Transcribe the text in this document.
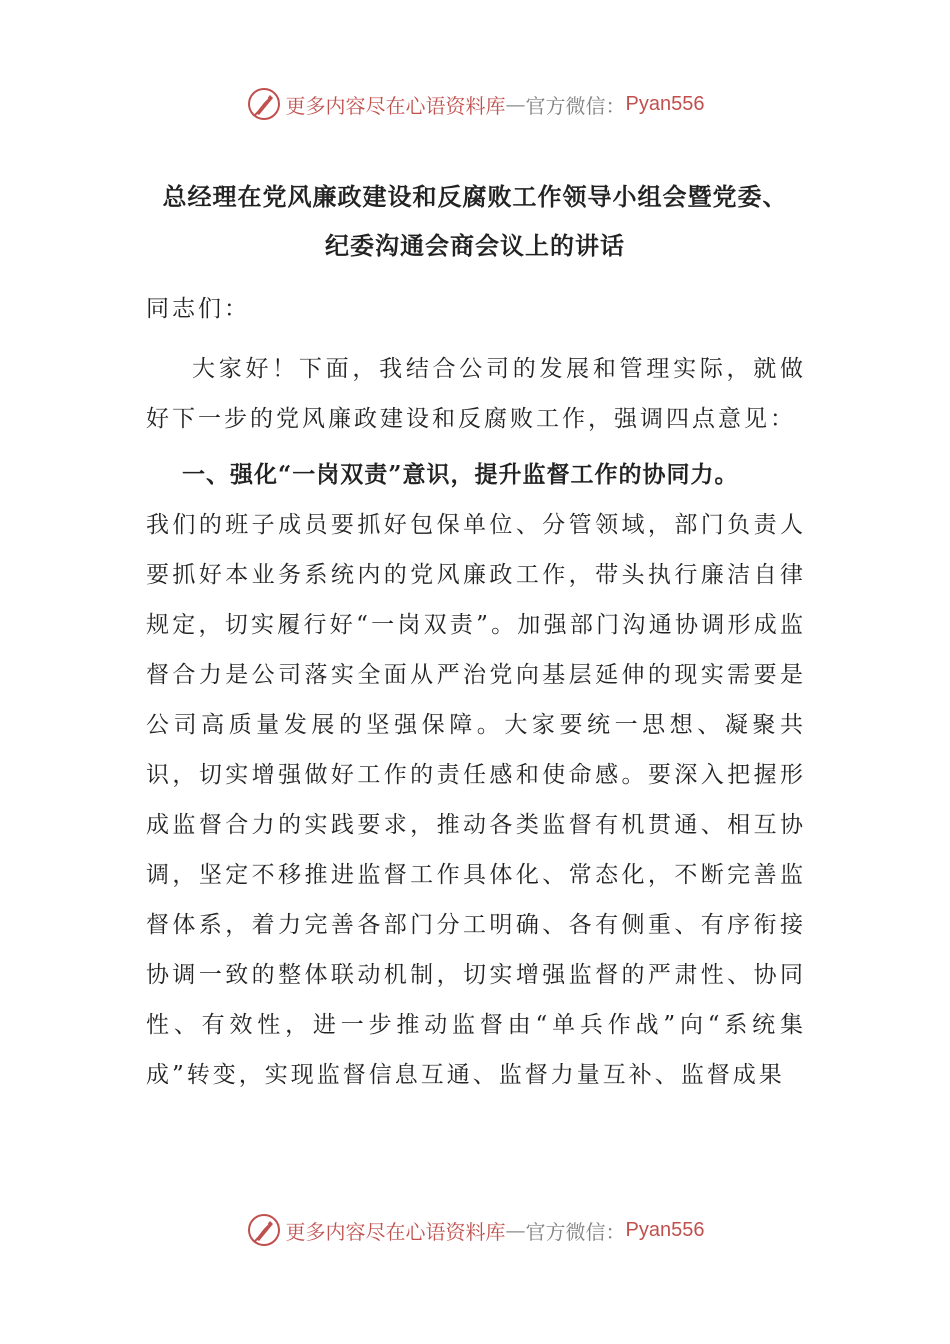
更多内容尽在心语资料库 — 官方微信： Pyan556
总经理在党风廉政建设和反腐败工作领导小组会暨党委、
纪委沟通会商会议上的讲话

同志们：

大家好！下面，我结合公司的发展和管理实际，就做好下一步的党风廉政建设和反腐败工作，强调四点意见：

一、强化“一岗双责”意识，提升监督工作的协同力。

我们的班子成员要抓好包保单位、分管领域，部门负责人要抓好本业务系统内的党风廉政工作，带头执行廉洁自律规定，切实履行好“一岗双责”。加强部门沟通协调形成监督合力是公司落实全面从严治党向基层延伸的现实需要是公司高质量发展的坚强保障。大家要统一思想、凝聚共识，切实增强做好工作的责任感和使命感。要深入把握形成监督合力的实践要求，推动各类监督有机贯通、相互协调，坚定不移推进监督工作具体化、常态化，不断完善监督体系，着力完善各部门分工明确、各有侧重、有序衔接协调一致的整体联动机制，切实增强监督的严肃性、协同性、有效性，进一步推动监督由“单兵作战”向“系统集成”转变，实现监督信息互通、监督力量互补、监督成果

更多内容尽在心语资料库 — 官方微信： Pyan556
